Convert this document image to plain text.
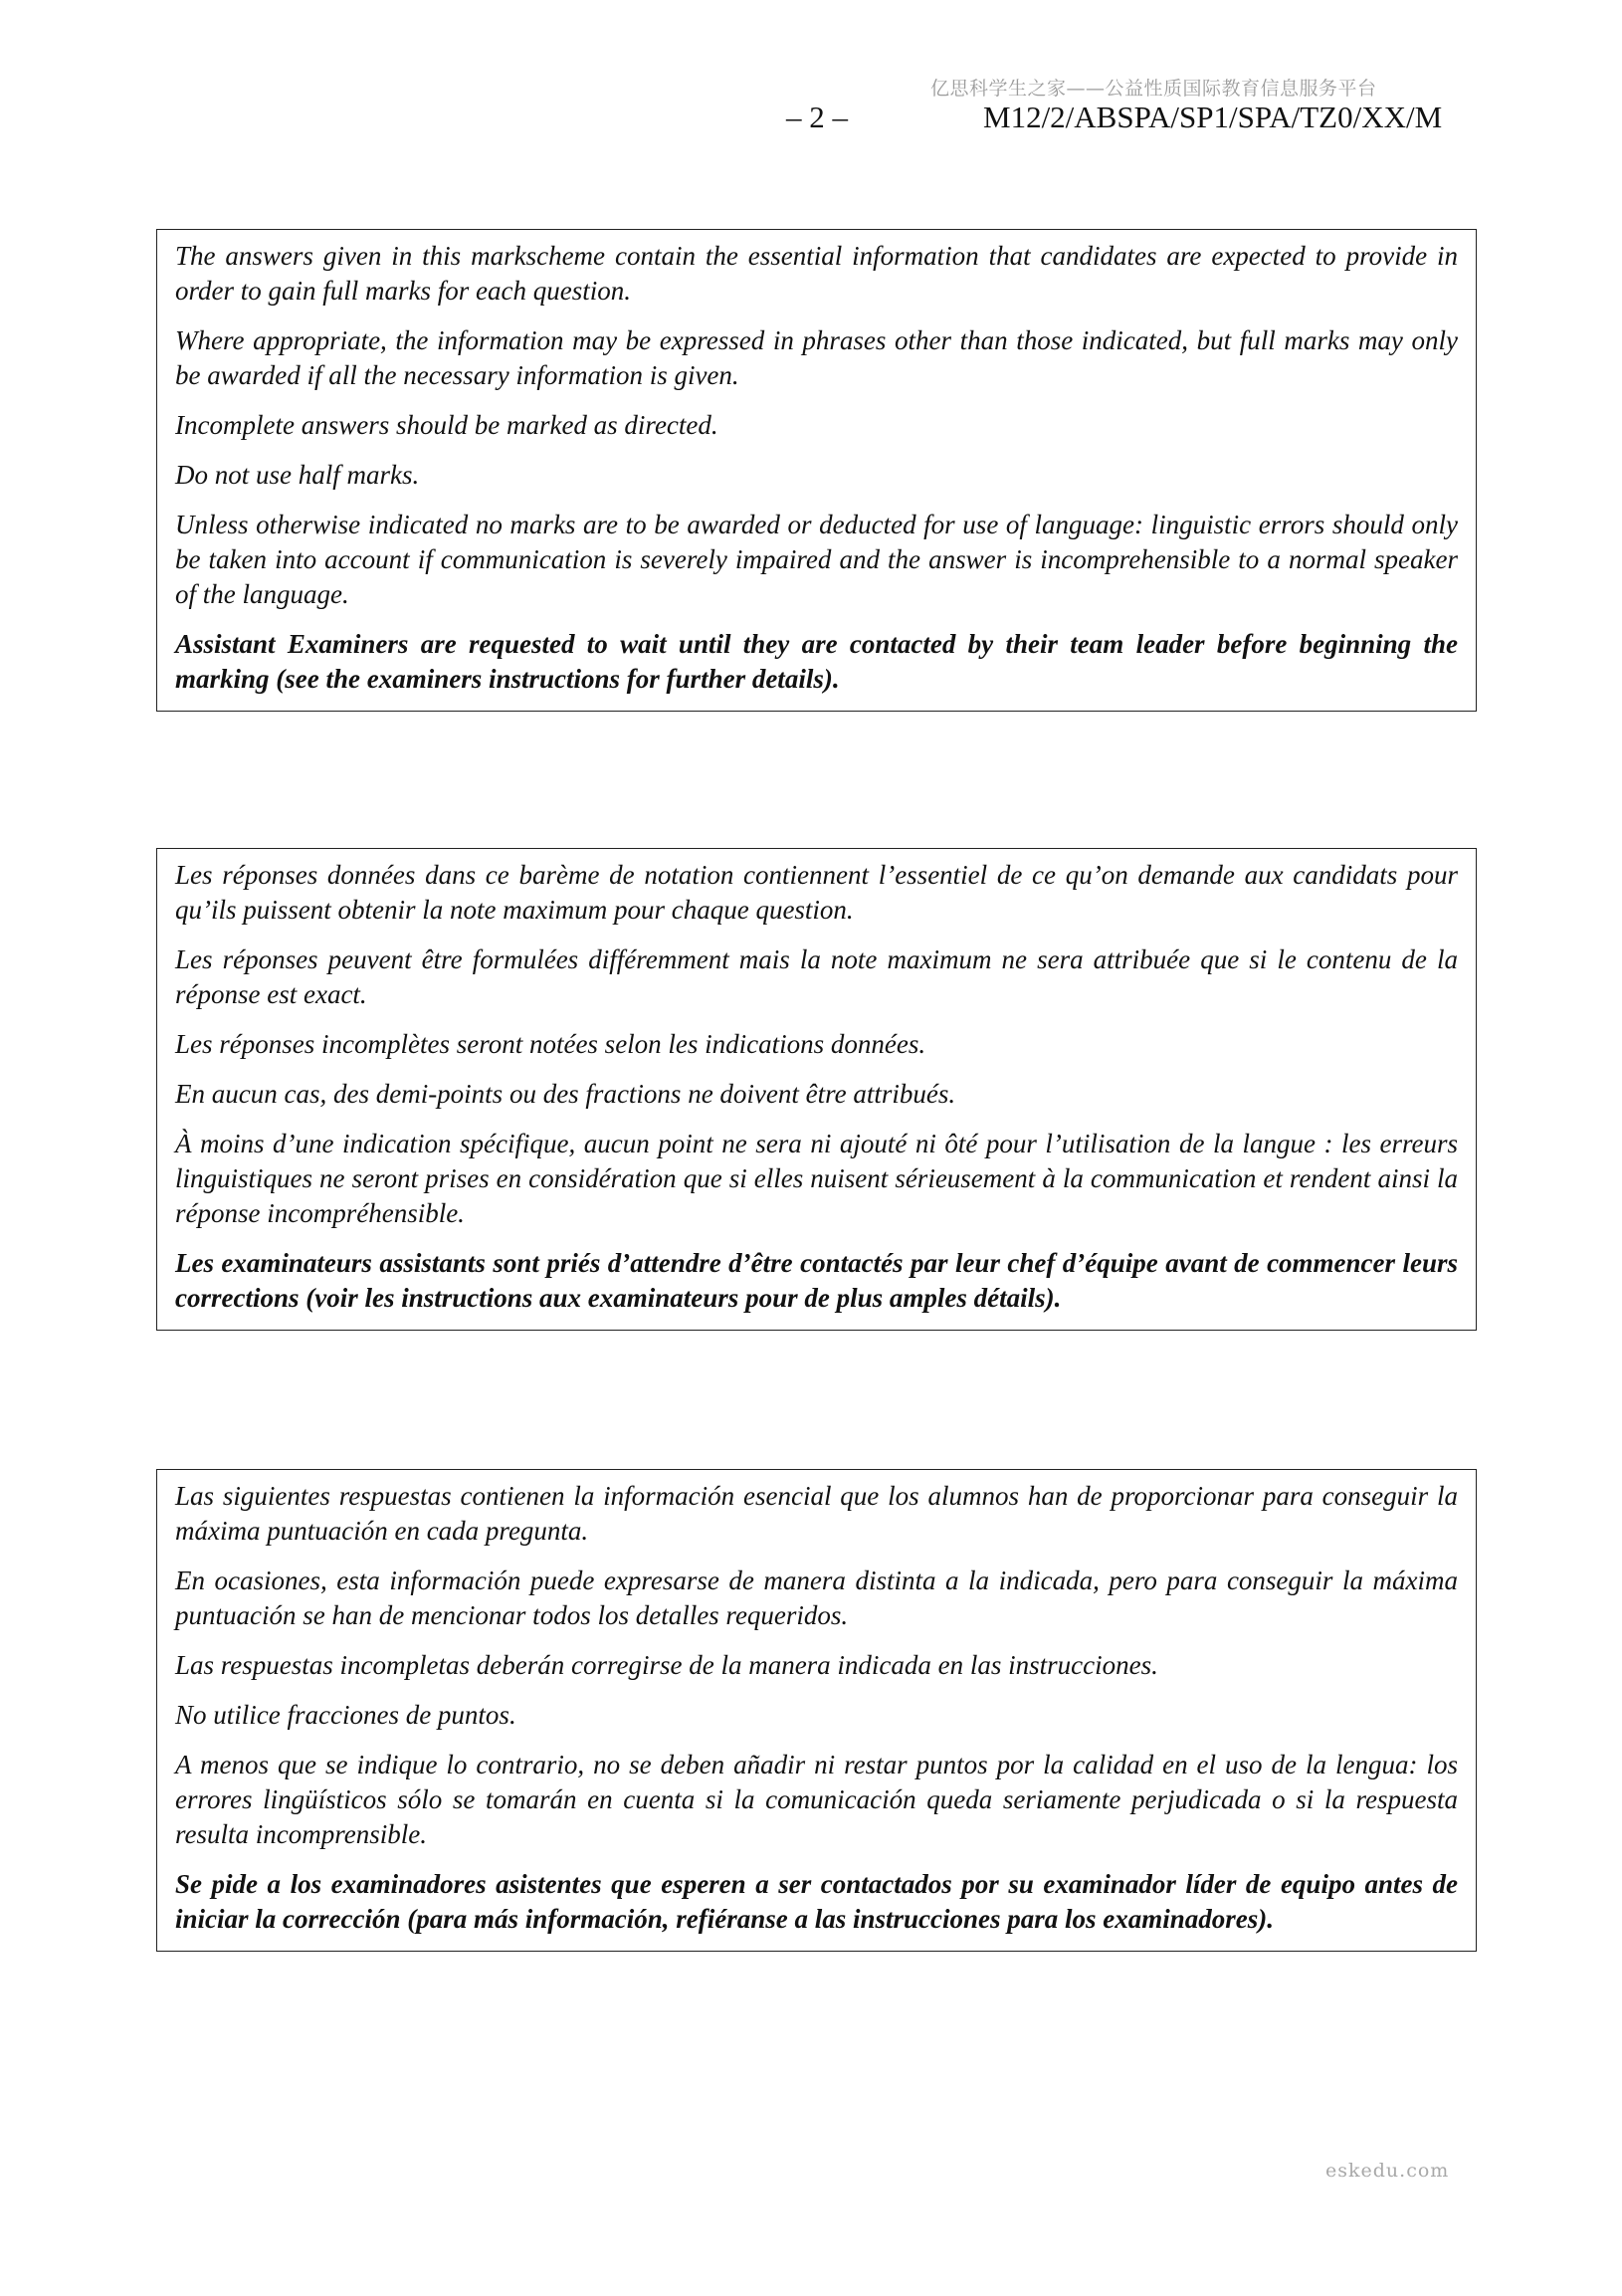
亿思科学生之家——公益性质国际教育信息服务平台
– 2 –	M12/2/ABSPA/SP1/SPA/TZ0/XX/M

The answers given in this markscheme contain the essential information that candidates are expected to provide in order to gain full marks for each question.

Where appropriate, the information may be expressed in phrases other than those indicated, but full marks may only be awarded if all the necessary information is given.

Incomplete answers should be marked as directed.

Do not use half marks.

Unless otherwise indicated no marks are to be awarded or deducted for use of language: linguistic errors should only be taken into account if communication is severely impaired and the answer is incomprehensible to a normal speaker of the language.

Assistant Examiners are requested to wait until they are contacted by their team leader before beginning the marking (see the examiners instructions for further details).

Les réponses données dans ce barème de notation contiennent l’essentiel de ce qu’on demande aux candidats pour qu’ils puissent obtenir la note maximum pour chaque question.

Les réponses peuvent être formulées différemment mais la note maximum ne sera attribuée que si le contenu de la réponse est exact.

Les réponses incomplètes seront notées selon les indications données.

En aucun cas, des demi-points ou des fractions ne doivent être attribués.

À moins d’une indication spécifique, aucun point ne sera ni ajouté ni ôté pour l’utilisation de la langue : les erreurs linguistiques ne seront prises en considération que si elles nuisent sérieusement à la communication et rendent ainsi la réponse incompréhensible.

Les examinateurs assistants sont priés d’attendre d’être contactés par leur chef d’équipe avant de commencer leurs corrections (voir les instructions aux examinateurs pour de plus amples détails).

Las siguientes respuestas contienen la información esencial que los alumnos han de proporcionar para conseguir la máxima puntuación en cada pregunta.

En ocasiones, esta información puede expresarse de manera distinta a la indicada, pero para conseguir la máxima puntuación se han de mencionar todos los detalles requeridos.

Las respuestas incompletas deberán corregirse de la manera indicada en las instrucciones.

No utilice fracciones de puntos.

A menos que se indique lo contrario, no se deben añadir ni restar puntos por la calidad en el uso de la lengua: los errores lingüísticos sólo se tomarán en cuenta si la comunicación queda seriamente perjudicada o si la respuesta resulta incomprensible.

Se pide a los examinadores asistentes que esperen a ser contactados por su examinador líder de equipo antes de iniciar la corrección (para más información, refiéranse a las instrucciones para los examinadores).

eskedu.com
